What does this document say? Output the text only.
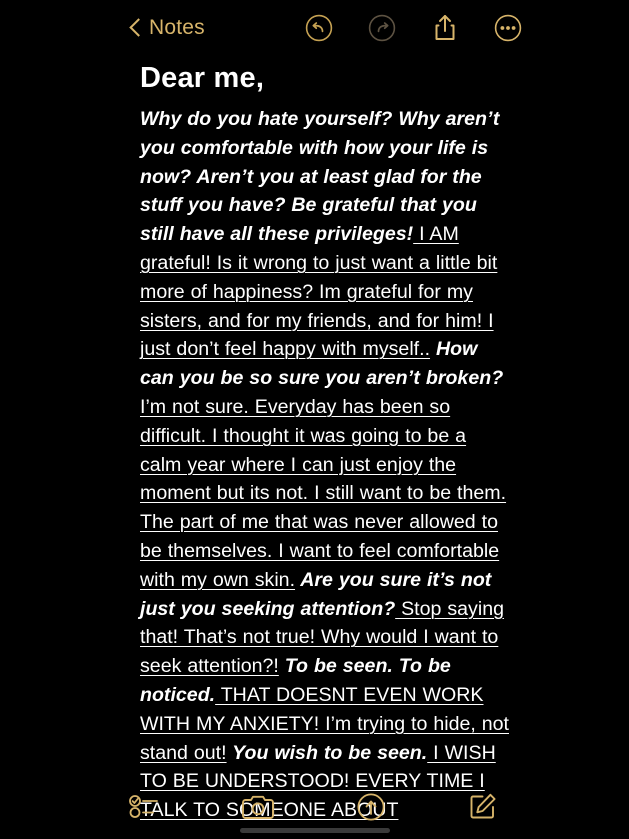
Notes
Dear me,
Why do you hate yourself? Why aren’t you comfortable with how your life is now? Aren’t you at least glad for the stuff you have? Be grateful that you still have all these privileges! I AM grateful! Is it wrong to just want a little bit more of happiness? Im grateful for my sisters, and for my friends, and for him! I just don’t feel happy with myself.. How can you be so sure you aren’t broken? I’m not sure. Everyday has been so difficult. I thought it was going to be a calm year where I can just enjoy the moment but its not. I still want to be them. The part of me that was never allowed to be themselves. I want to feel comfortable with my own skin. Are you sure it’s not just you seeking attention? Stop saying that! That’s not true! Why would I want to seek attention?! To be seen. To be noticed. THAT DOESNT EVEN WORK WITH MY ANXIETY! I’m trying to hide, not stand out! You wish to be seen. I WISH TO BE UNDERSTOOD! EVERY TIME I TALK TO SOMEONE ABOUT
